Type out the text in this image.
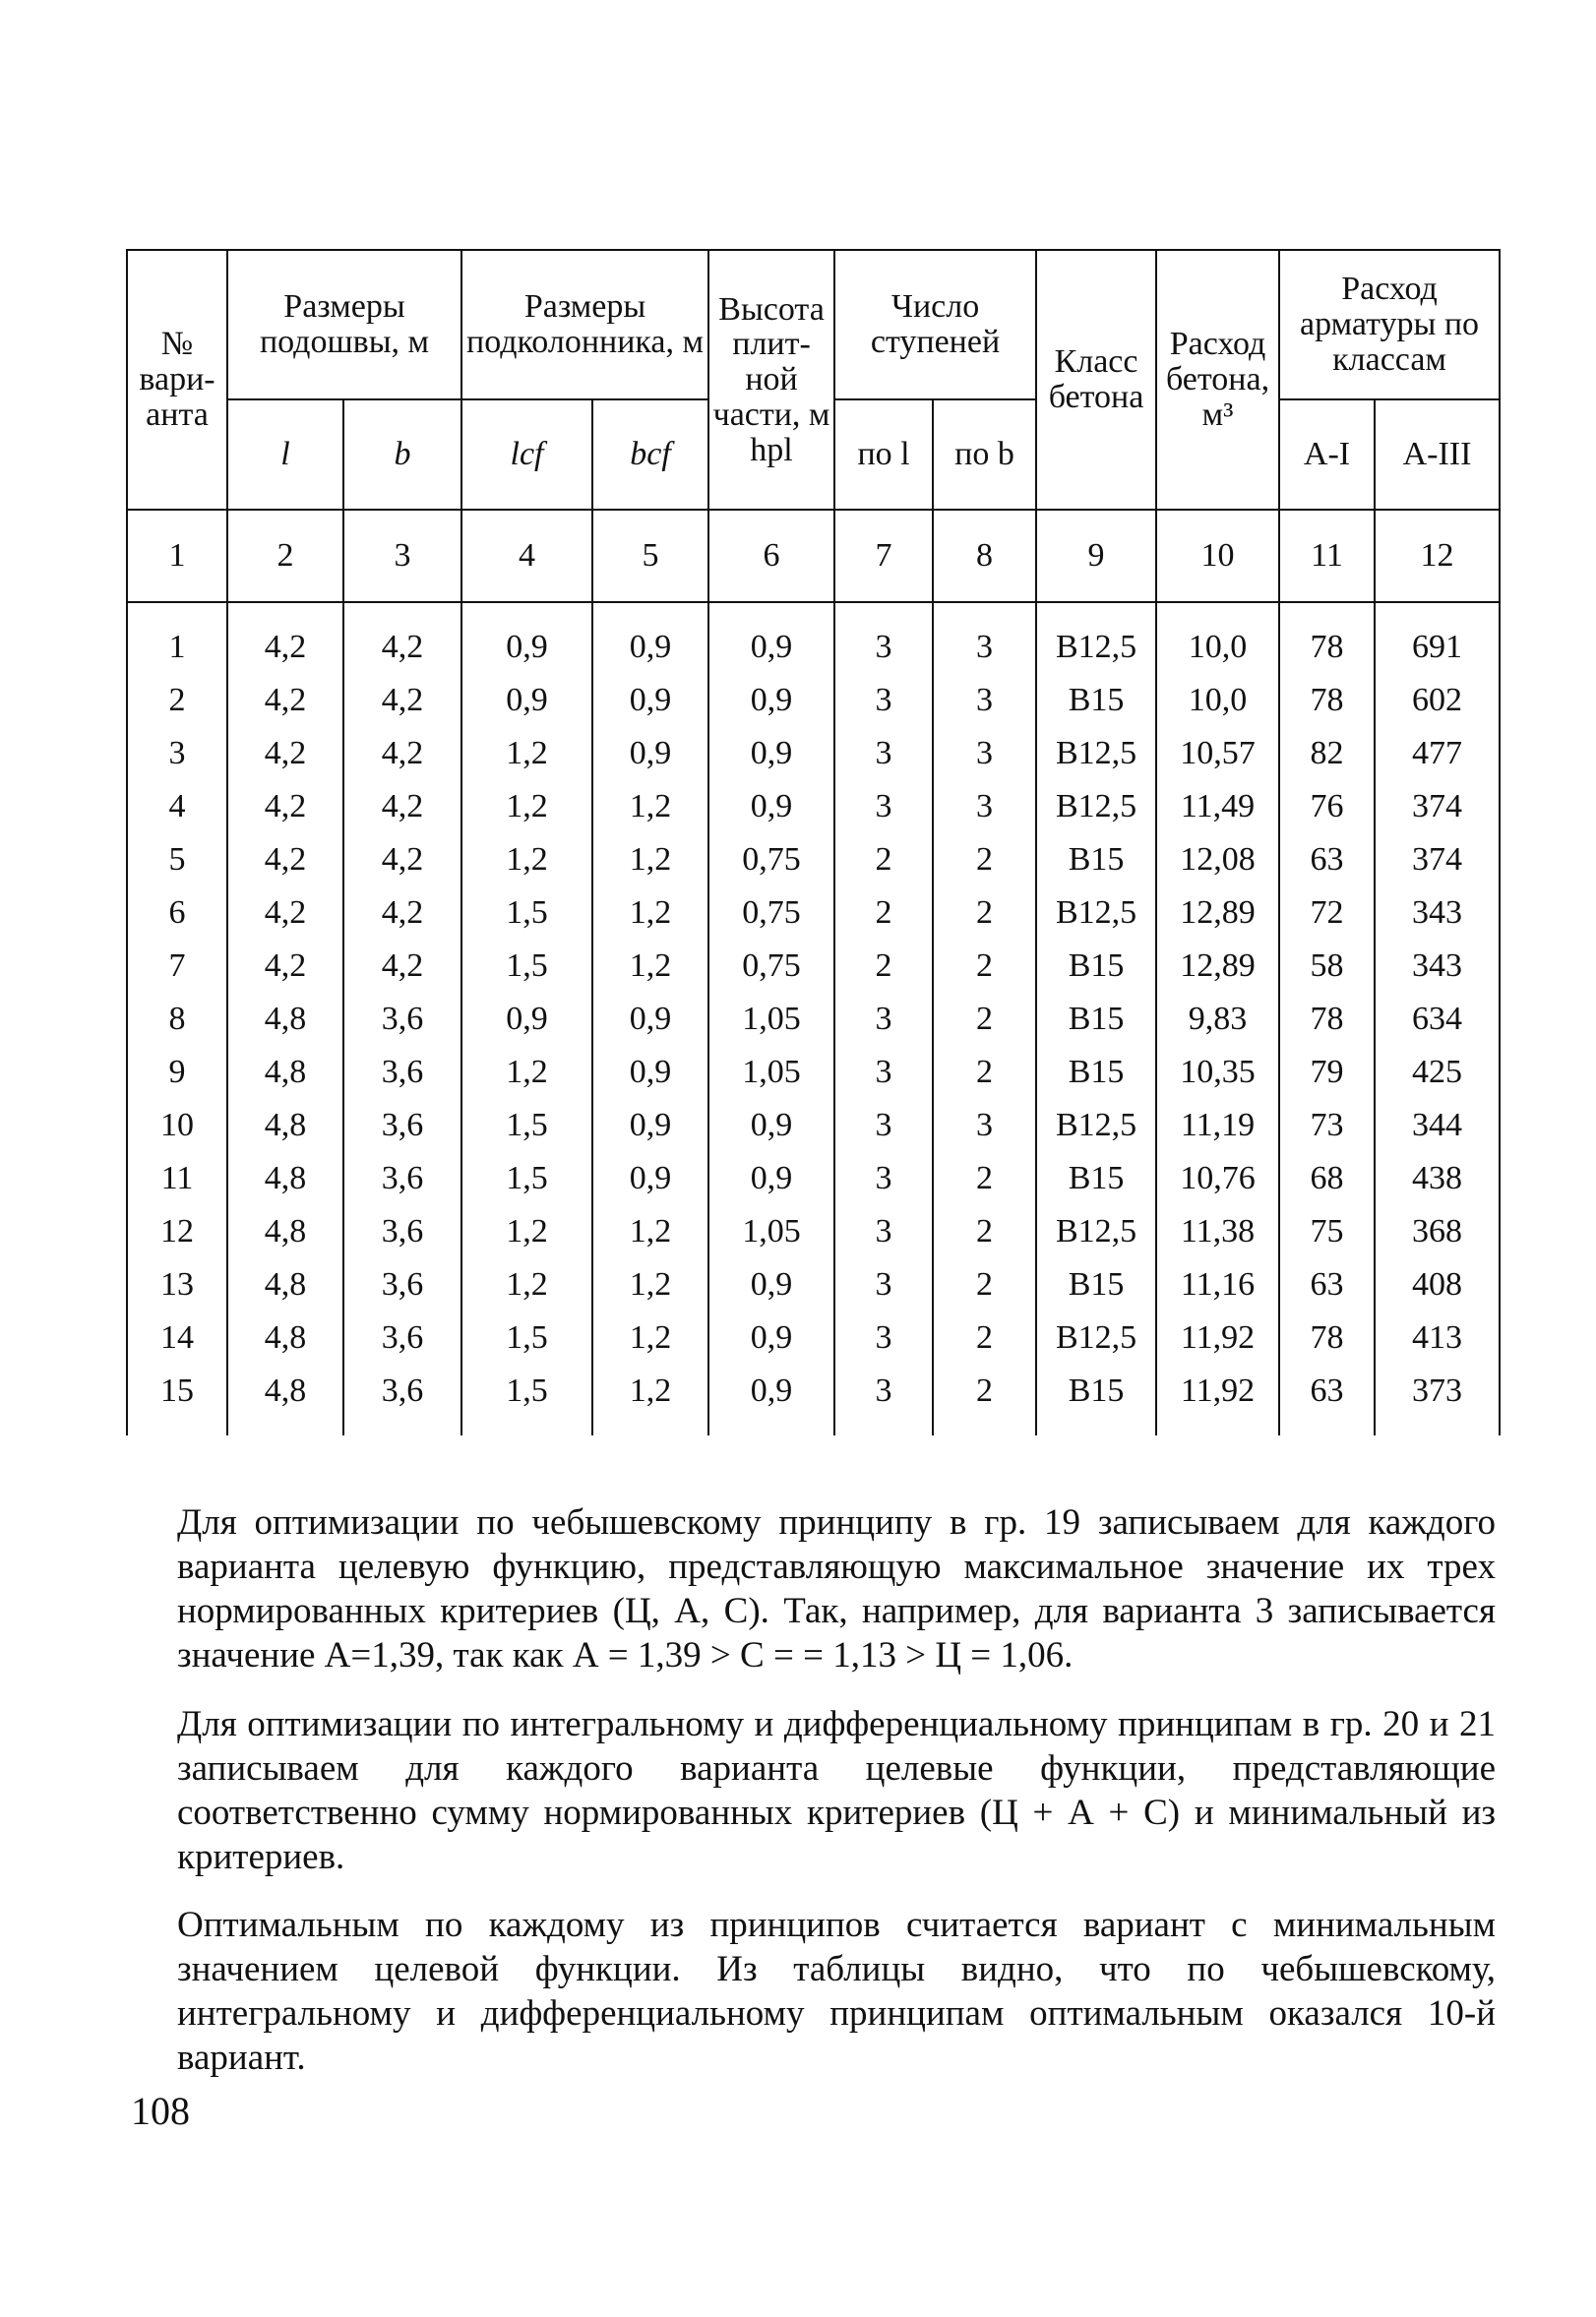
№ вари-анта	Размеры подошвы, м		Размеры подколонника, м		Высота плит-ной части, м hpl	Число ступеней		Класс бетона	Расход бетона, м³	Расход арматуры по классам	
	l	b	lcf	bcf		по l	по b			А-I	А-III
1	2	3	4	5	6	7	8	9	10	11	12
1	4,2	4,2	0,9	0,9	0,9	3	3	В12,5	10,0	78	691
2	4,2	4,2	0,9	0,9	0,9	3	3	В15	10,0	78	602
3	4,2	4,2	1,2	0,9	0,9	3	3	В12,5	10,57	82	477
4	4,2	4,2	1,2	1,2	0,9	3	3	В12,5	11,49	76	374
5	4,2	4,2	1,2	1,2	0,75	2	2	В15	12,08	63	374
6	4,2	4,2	1,5	1,2	0,75	2	2	В12,5	12,89	72	343
7	4,2	4,2	1,5	1,2	0,75	2	2	В15	12,89	58	343
8	4,8	3,6	0,9	0,9	1,05	3	2	В15	9,83	78	634
9	4,8	3,6	1,2	0,9	1,05	3	2	В15	10,35	79	425
10	4,8	3,6	1,5	0,9	0,9	3	3	В12,5	11,19	73	344
11	4,8	3,6	1,5	0,9	0,9	3	2	В15	10,76	68	438
12	4,8	3,6	1,2	1,2	1,05	3	2	В12,5	11,38	75	368
13	4,8	3,6	1,2	1,2	0,9	3	2	В15	11,16	63	408
14	4,8	3,6	1,5	1,2	0,9	3	2	В12,5	11,92	78	413
15	4,8	3,6	1,5	1,2	0,9	3	2	В15	11,92	63	373

Для оптимизации по чебышевскому принципу в гр. 19 записываем для каждого варианта целевую функцию, представляющую максимальное значение их трех нормированных критериев (Ц, А, С). Так, например, для варианта 3 записывается значение А=1,39, так как А = 1,39 > С = = 1,13 > Ц = 1,06.

Для оптимизации по интегральному и дифференциальному принципам в гр. 20 и 21 записываем для каждого варианта целевые функции, представляющие соответственно сумму нормированных критериев (Ц + А + С) и минимальный из критериев.

Оптимальным по каждому из принципов считается вариант с минимальным значением целевой функции. Из таблицы видно, что по чебышевскому, интегральному и дифференциальному принципам оптимальным оказался 10-й вариант.

108
